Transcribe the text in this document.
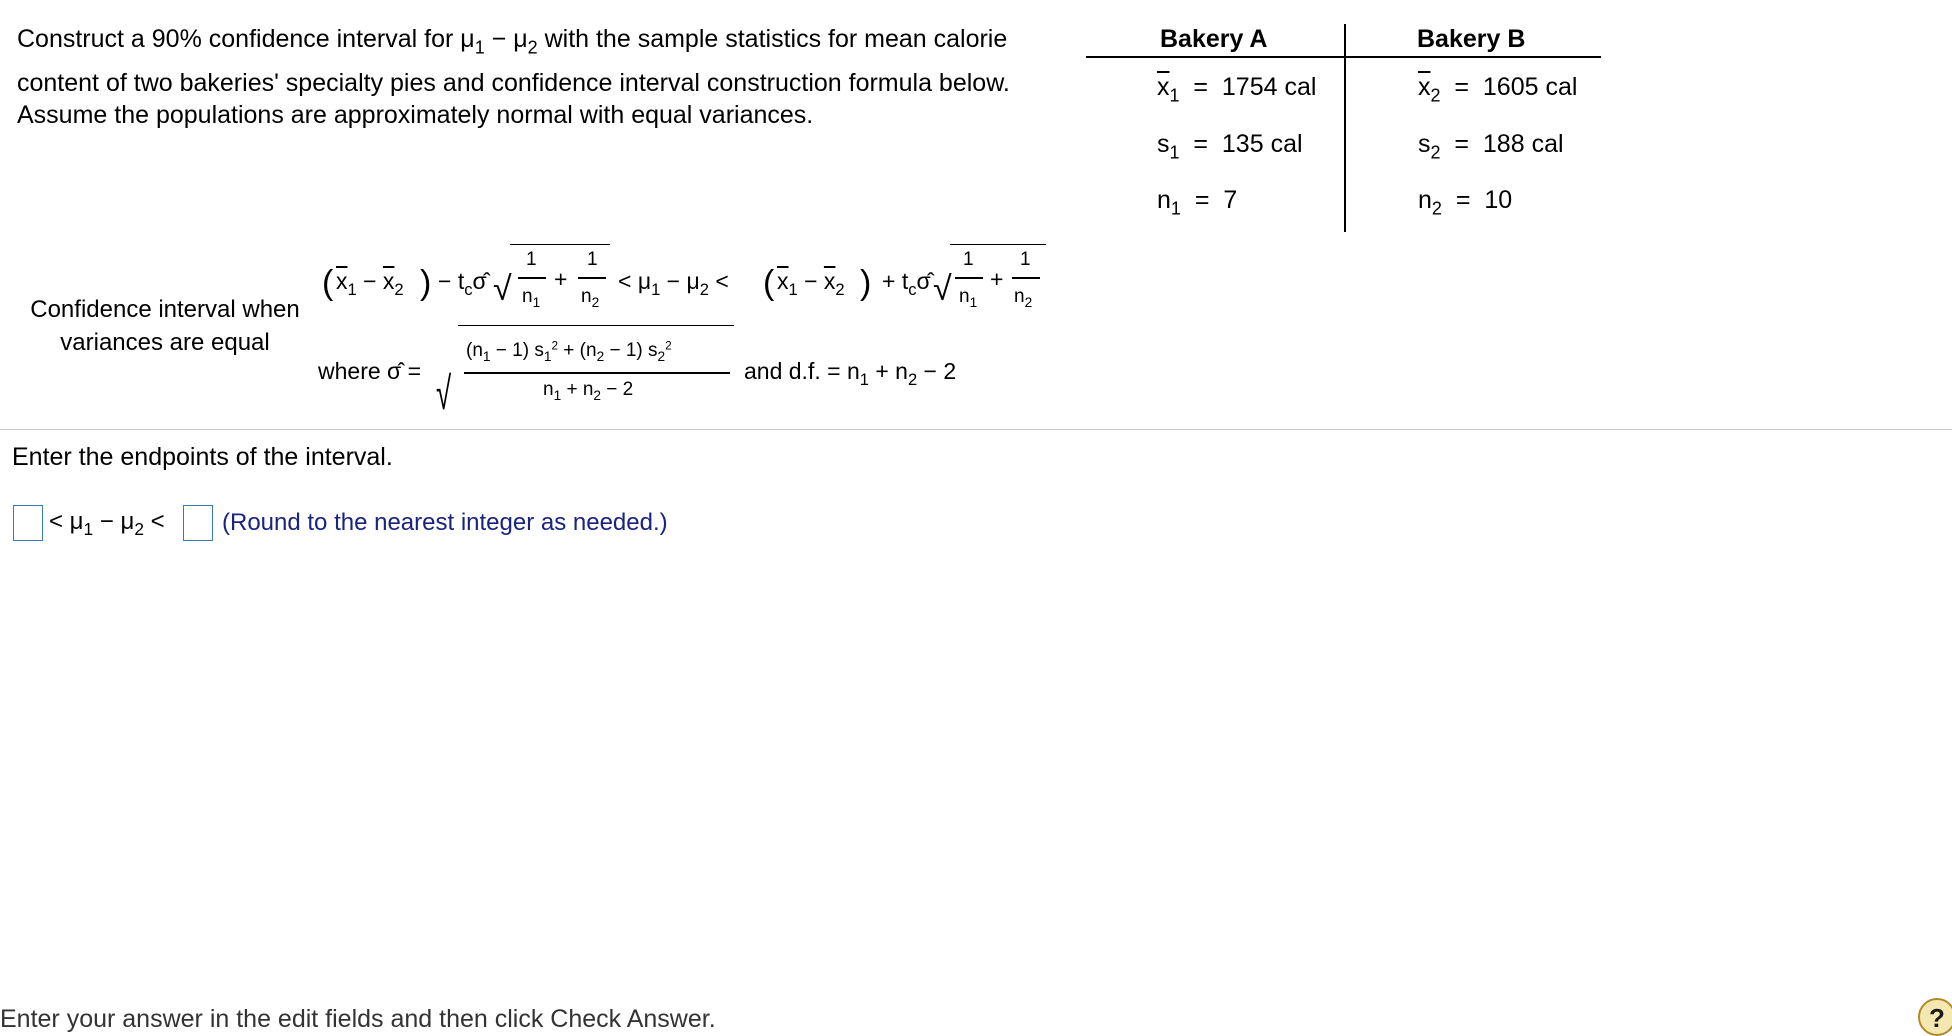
Construct a 90% confidence interval for $\mu_1 - \mu_2$ with the sample statistics for mean calorie
content of two bakeries' specialty pies and confidence interval construction formula below.
Assume the populations are approximately normal with equal variances.
Bakery A	Bakery B
$\overline{x}_1 = 1754$ cal	$\overline{x}_2 = 1605$ cal
$s_1 = 135$ cal	$s_2 = 188$ cal
$n_1 = 7$	$n_2 = 10$
Confidence interval when
variances are equal
( $\overline{x}_1 - \overline{x}_2$ ) − $t_c\sigmâ$ √
1
$n_1$
+
1
$n_2$
< $\mu_1 - \mu_2$ < ( $\overline{x}_1 - \overline{x}_2$ ) + $t_c\sigmâ$ √
1
$n_1$
+
1
$n_2$
where σ̂ = √
$(n_1 - 1) s_1^2 + (n_2 - 1)$ $s_2^2$
$n_1 + n_2 - 2$
and d.f. = $n_1 + n_2 - 2$
Enter the endpoints of the interval.
< $\mu_1 - \mu_2$ < (Round to the nearest integer as needed.)
Enter your answer in the edit fields and then click Check Answer.	?
